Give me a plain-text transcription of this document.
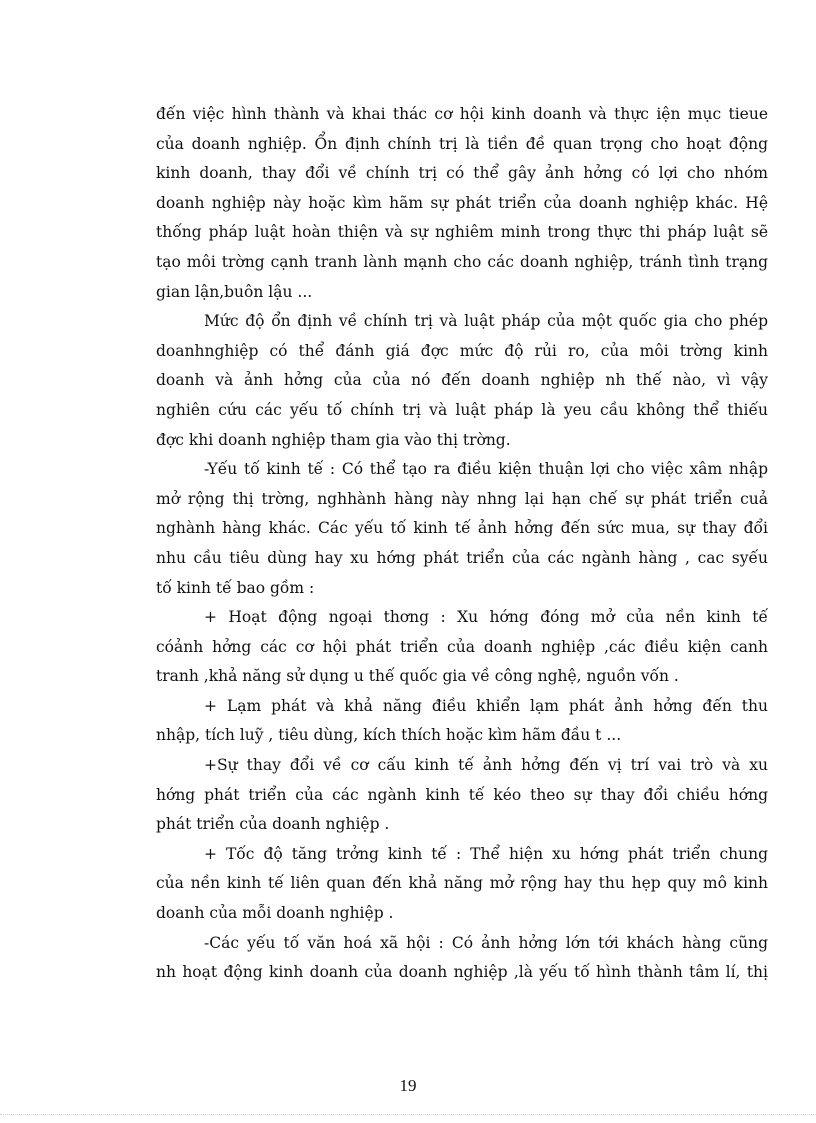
đến việc hình thành và khai thác cơ hội kinh doanh và thực iện mục tieue
của doanh nghiệp. Ổn định chính trị là tiền đề quan trọng cho hoạt động
kinh doanh, thay đổi về chính trị có thể gây ảnh hởng có lợi cho nhóm
doanh nghiệp này hoặc kìm hãm sự phát triển của doanh nghiệp khác. Hệ
thống pháp luật hoàn thiện và sự nghiêm minh trong thực thi pháp luật sẽ
tạo môi trờng cạnh tranh lành mạnh cho các doanh nghiệp, tránh tình trạng
gian lận,buôn lậu ...
Mức độ ổn định về chính trị và luật pháp của một quốc gia cho phép
doanhnghiệp có thể đánh giá đợc mức độ rủi ro, của môi trờng kinh
doanh và ảnh hởng của của nó đến doanh nghiệp nh thế nào, vì vậy
nghiên cứu các yếu tố chính trị và luật pháp là yeu cầu không thể thiếu
đợc khi doanh nghiệp tham gia vào thị trờng.
-Yếu tố kinh tế : Có thể tạo ra điều kiện thuận lợi cho việc xâm nhập
mở rộng thị trờng, nghhành hàng này nhng lại hạn chế sự phát triển cuả
nghành hàng khác. Các yếu tố kinh tế ảnh hởng đến sức mua, sự thay đổi
nhu cầu tiêu dùng hay xu hớng phát triển của các ngành hàng , cac syếu
tố kinh tế bao gồm :
+ Hoạt động ngoại thơng : Xu hớng đóng mở của nền kinh tế
cóảnh hởng các cơ hội phát triển của doanh nghiệp ,các điều kiện canh
tranh ,khả năng sử dụng u thế quốc gia về công nghệ, nguồn vốn .
+ Lạm phát và khả năng điều khiển lạm phát ảnh hởng đến thu
nhập, tích luỹ , tiêu dùng, kích thích hoặc kìm hãm đầu t ...
+Sự thay đổi về cơ cấu kinh tế ảnh hởng đến vị trí vai trò và xu
hớng phát triển của các ngành kinh tế kéo theo sự thay đổi chiều hớng
phát triển của doanh nghiệp .
+ Tốc độ tăng trởng kinh tế : Thể hiện xu hớng phát triển chung
của nền kinh tế liên quan đến khả năng mở rộng hay thu hẹp quy mô kinh
doanh của mỗi doanh nghiệp .
-Các yếu tố văn hoá xã hội : Có ảnh hởng lớn tới khách hàng cũng
nh hoạt động kinh doanh của doanh nghiệp ,là yếu tố hình thành tâm lí, thị
19
